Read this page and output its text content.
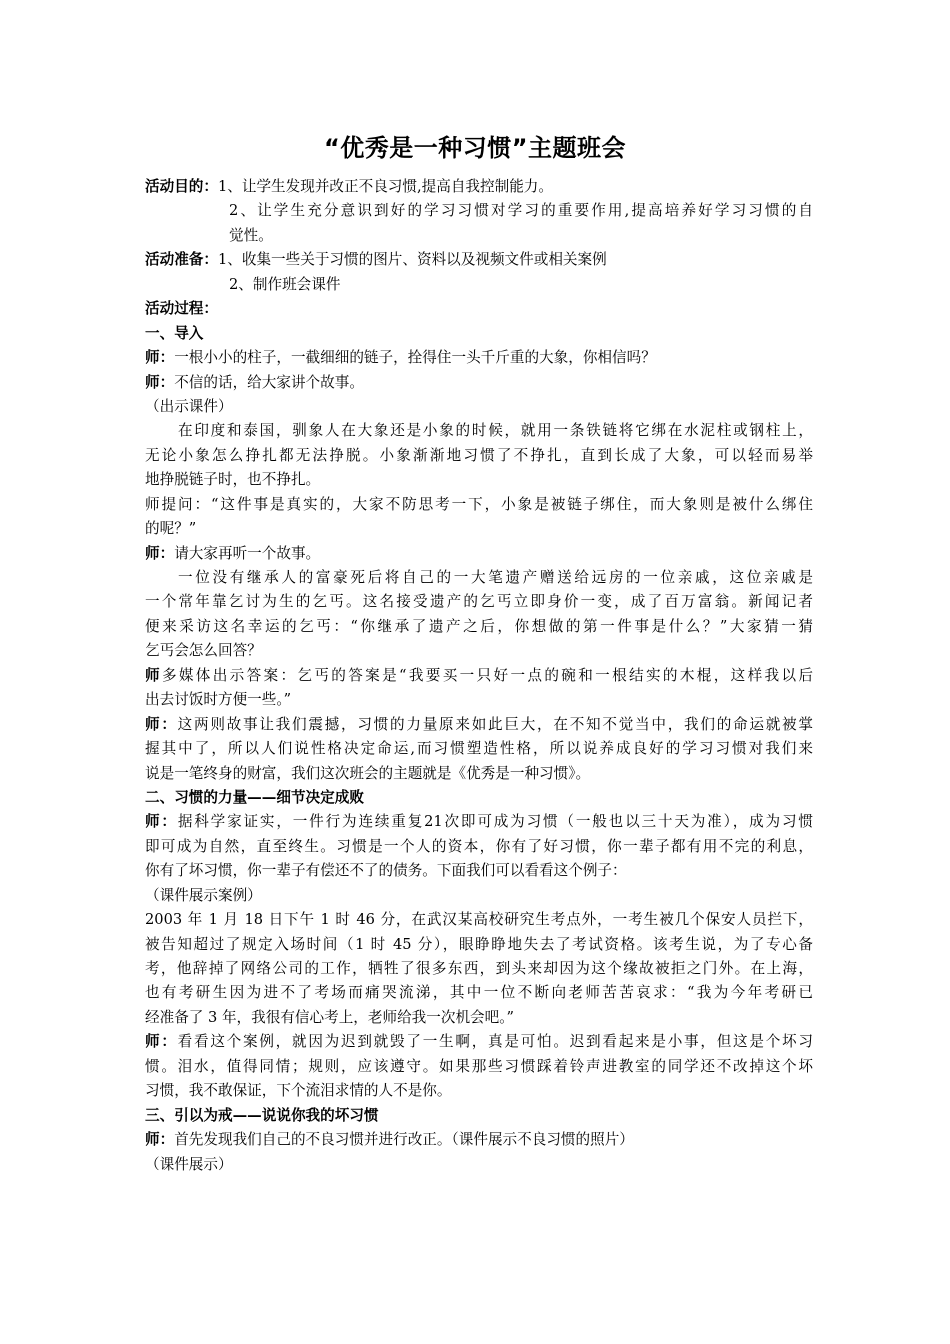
“优秀是一种习惯”主题班会

活动目的：1、让学生发现并改正不良习惯,提高自我控制能力。

2、让学生充分意识到好的学习习惯对学习的重要作用,提高培养好学习习惯的自

觉性。

活动准备：1、收集一些关于习惯的图片、资料以及视频文件或相关案例

2、制作班会课件

活动过程：

一、导入

师：一根小小的柱子，一截细细的链子，拴得住一头千斤重的大象，你相信吗？

师：不信的话，给大家讲个故事。

（出示课件）

在印度和泰国，驯象人在大象还是小象的时候，就用一条铁链将它绑在水泥柱或钢柱上，

无论小象怎么挣扎都无法挣脱。小象渐渐地习惯了不挣扎，直到长成了大象，可以轻而易举

地挣脱链子时，也不挣扎。

师提问：“这件事是真实的，大家不防思考一下，小象是被链子绑住，而大象则是被什么绑住

的呢？”

师：请大家再听一个故事。

一位没有继承人的富豪死后将自己的一大笔遗产赠送给远房的一位亲戚，这位亲戚是

一个常年靠乞讨为生的乞丐。这名接受遗产的乞丐立即身价一变，成了百万富翁。新闻记者

便来采访这名幸运的乞丐：“你继承了遗产之后，你想做的第一件事是什么？”大家猜一猜

乞丐会怎么回答？

师多媒体出示答案：乞丐的答案是“我要买一只好一点的碗和一根结实的木棍，这样我以后

出去讨饭时方便一些。”

师：这两则故事让我们震撼，习惯的力量原来如此巨大，在不知不觉当中，我们的命运就被掌

握其中了，所以人们说性格决定命运,而习惯塑造性格，所以说养成良好的学习习惯对我们来

说是一笔终身的财富，我们这次班会的主题就是《优秀是一种习惯》。

二、习惯的力量——细节决定成败

师：据科学家证实，一件行为连续重复21次即可成为习惯（一般也以三十天为准），成为习惯

即可成为自然，直至终生。习惯是一个人的资本，你有了好习惯，你一辈子都有用不完的利息，

你有了坏习惯，你一辈子有偿还不了的债务。下面我们可以看看这个例子：

（课件展示案例）

2003 年 1 月 18 日下午 1 时 46 分，在武汉某高校研究生考点外，一考生被几个保安人员拦下，

被告知超过了规定入场时间（1 时 45 分），眼睁睁地失去了考试资格。该考生说，为了专心备

考，他辞掉了网络公司的工作，牺牲了很多东西，到头来却因为这个缘故被拒之门外。在上海，

也有考研生因为进不了考场而痛哭流涕，其中一位不断向老师苦苦哀求：“我为今年考研已

经准备了 3 年，我很有信心考上，老师给我一次机会吧。”

师：看看这个案例，就因为迟到就毁了一生啊，真是可怕。迟到看起来是小事，但这是个坏习

惯。泪水，值得同情；规则，应该遵守。如果那些习惯踩着铃声进教室的同学还不改掉这个坏

习惯，我不敢保证，下个流泪求情的人不是你。

三、引以为戒——说说你我的坏习惯

师：首先发现我们自己的不良习惯并进行改正。（课件展示不良习惯的照片）

（课件展示）
